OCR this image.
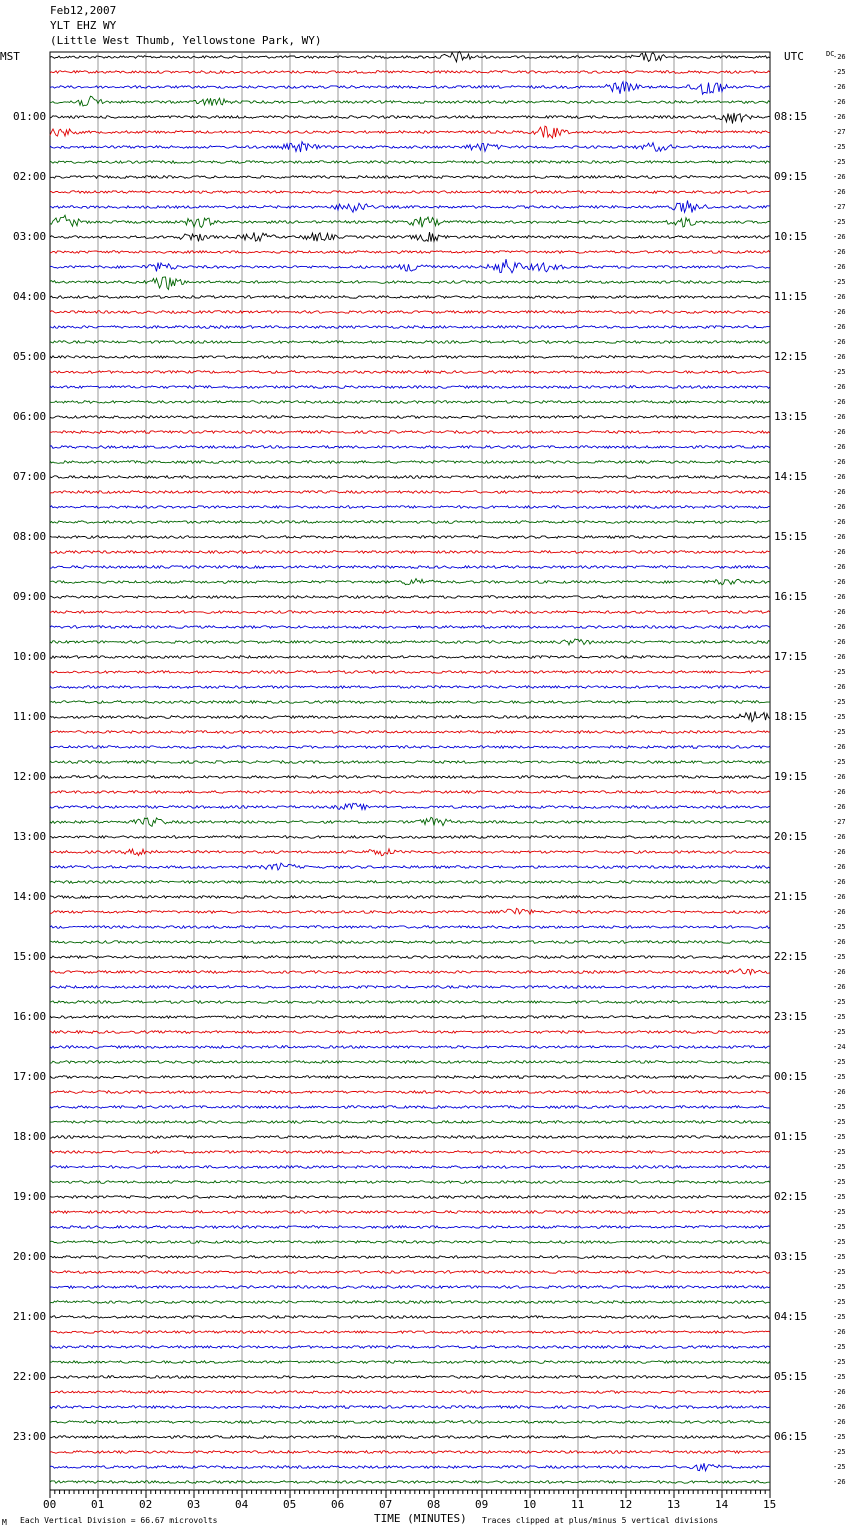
Feb12,2007
YLT EHZ WY
(Little West Thumb, Yellowstone Park, WY)
MST	UTC	DC
01:00
02:00
03:00
04:00
05:00
06:00
07:00
08:00
09:00
10:00
11:00
12:00
13:00
14:00
15:00
16:00
17:00
18:00
19:00
20:00
21:00
22:00
23:00
08:15
09:15
10:15
11:15
12:15
13:15
14:15
15:15
16:15
17:15
18:15
19:15
20:15
21:15
22:15
23:15
00:15
01:15
02:15
03:15
04:15
05:15
06:15
-26
-25
-26
-26
-26
-27
-25
-25
-26
-26
-27
-25
-26
-26
-26
-25
-26
-26
-26
-26
-26
-25
-26
-26
-26
-26
-26
-26
-26
-26
-26
-26
-26
-26
-26
-26
-26
-26
-26
-26
-26
-25
-26
-25
-25
-25
-26
-25
-26
-26
-26
-27
-26
-26
-26
-26
-26
-26
-25
-26
-25
-26
-26
-25
-25
-25
-24
-25
-25
-26
-25
-25
-25
-25
-25
-25
-25
-25
-25
-25
-25
-25
-25
-25
-25
-26
-25
-25
-25
-26
-26
-26
-25
-25
-25
-26
00	01	02	03	04	05	06	07	08	09	10	11	12	13	14	15
M Each Vertical Division = 66.67 microvolts	TIME (MINUTES) Traces clipped at plus/minus 5 vertical divisions
